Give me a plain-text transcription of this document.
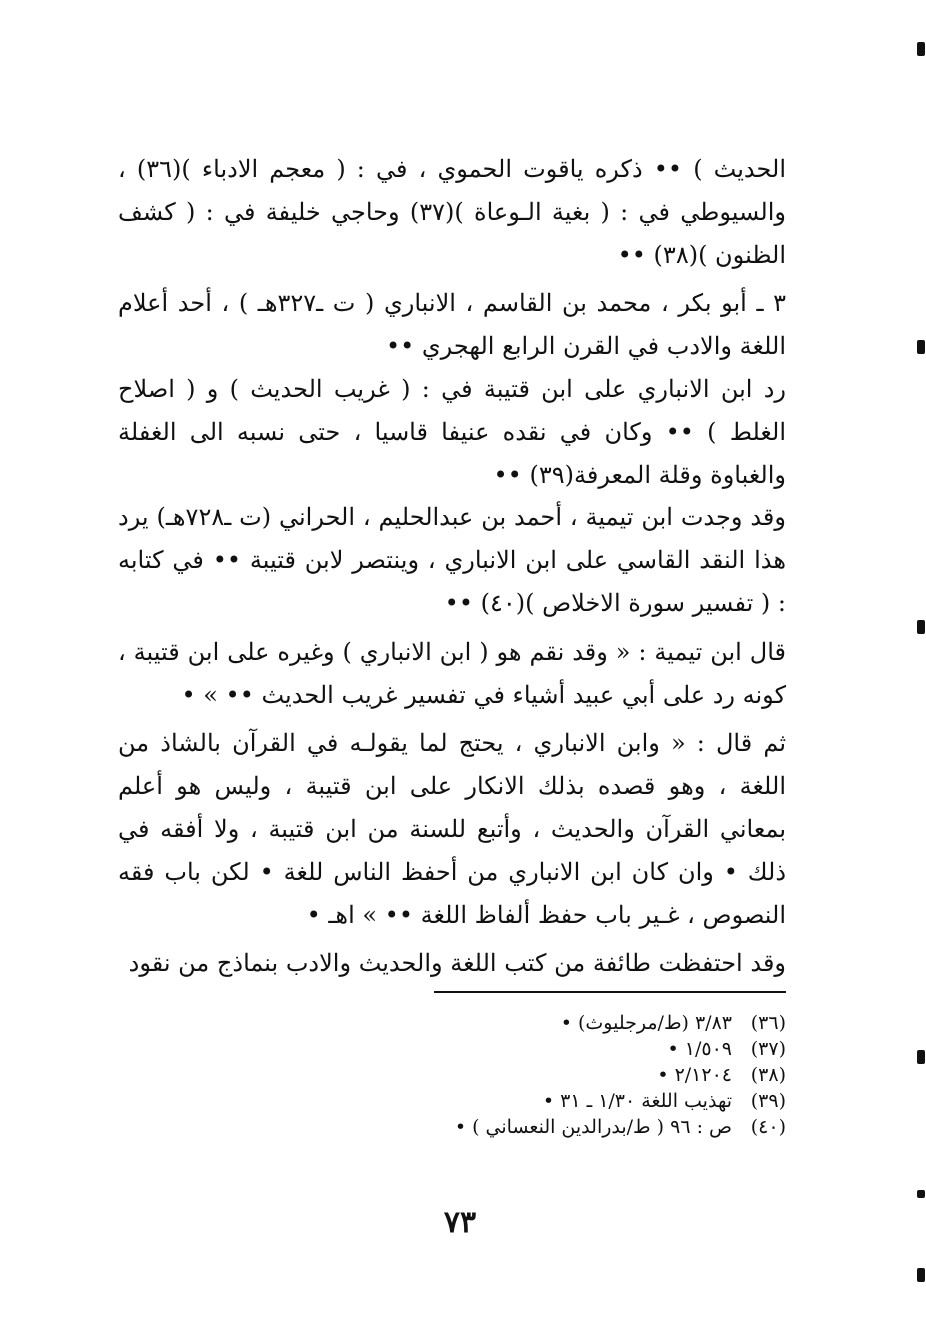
الحديث ) •• ذكره ياقوت الحموي ، في : ( معجم الادباء )(٣٦) ، والسيوطي في : ( بغية الـوعاة )(٣٧) وحاجي خليفة في : ( كشف الظنون )(٣٨) ••

٣ ـ أبو بكر ، محمد بن القاسم ، الانباري ( ت ـ٣٢٧هـ ) ، أحد أعلام اللغة والادب في القرن الرابع الهجري ••

رد ابن الانباري على ابن قتيبة في : ( غريب الحديث ) و ( اصلاح الغلط ) •• وكان في نقده عنيفا قاسيا ، حتى نسبه الى الغفلة والغباوة وقلة المعرفة(٣٩) ••

وقد وجدت ابن تيمية ، أحمد بن عبدالحليم ، الحراني (ت ـ٧٢٨هـ) يرد هذا النقد القاسي على ابن الانباري ، وينتصر لابن قتيبة •• في كتابه : ( تفسير سورة الاخلاص )(٤٠) ••

قال ابن تيمية : « وقد نقم هو ( ابن الانباري ) وغيره على ابن قتيبة ، كونه رد على أبي عبيد أشياء في تفسير غريب الحديث •• » •

ثم قال : « وابن الانباري ، يحتج لما يقولـه في القرآن بالشاذ من اللغة ، وهو قصده بذلك الانكار على ابن قتيبة ، وليس هو أعلم بمعاني القرآن والحديث ، وأتبع للسنة من ابن قتيبة ، ولا أفقه في ذلك • وان كان ابن الانباري من أحفظ الناس للغة • لكن باب فقه النصوص ، غـير باب حفظ ألفاظ اللغة •• » اهـ •

وقد احتفظت طائفة من كتب اللغة والحديث والادب بنماذج من نقود

(٣٦)
٣/٨٣ (ط/مرجليوث) •
(٣٧)
١/٥٠٩ •
(٣٨)
٢/١٢٠٤ •
(٣٩)
تهذيب اللغة ١/٣٠ ـ ٣١ •
(٤٠)
ص : ٩٦ ( ط/بدرالدين النعساني ) •
٧٣
